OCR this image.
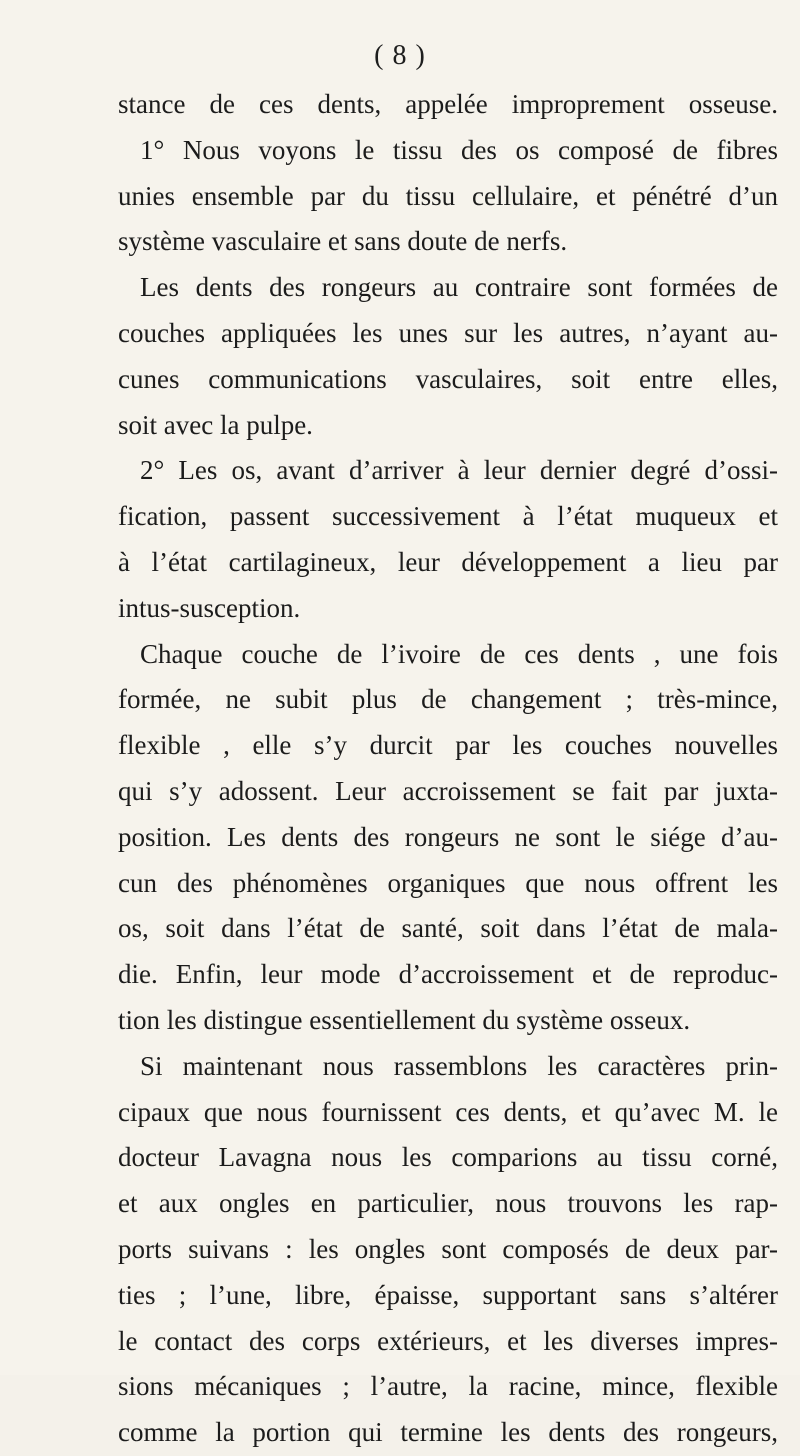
( 8 )
stance de ces dents, appelée improprement osseuse.
1° Nous voyons le tissu des os composé de fibres
unies ensemble par du tissu cellulaire, et pénétré d’un
système vasculaire et sans doute de nerfs.
Les dents des rongeurs au contraire sont formées de
couches appliquées les unes sur les autres, n’ayant au-
cunes communications vasculaires, soit entre elles,
soit avec la pulpe.
2° Les os, avant d’arriver à leur dernier degré d’ossi-
fication, passent successivement à l’état muqueux et
à l’état cartilagineux, leur développement a lieu par
intus-susception.
Chaque couche de l’ivoire de ces dents , une fois
formée, ne subit plus de changement ; très-mince,
flexible , elle s’y durcit par les couches nouvelles
qui s’y adossent. Leur accroissement se fait par juxta-
position. Les dents des rongeurs ne sont le siége d’au-
cun des phénomènes organiques que nous offrent les
os, soit dans l’état de santé, soit dans l’état de mala-
die. Enfin, leur mode d’accroissement et de reproduc-
tion les distingue essentiellement du système osseux.
Si maintenant nous rassemblons les caractères prin-
cipaux que nous fournissent ces dents, et qu’avec M. le
docteur Lavagna nous les comparions au tissu corné,
et aux ongles en particulier, nous trouvons les rap-
ports suivans : les ongles sont composés de deux par-
ties ; l’une, libre, épaisse, supportant sans s’altérer
le contact des corps extérieurs, et les diverses impres-
sions mécaniques ; l’autre, la racine, mince, flexible
comme la portion qui termine les dents des rongeurs,
